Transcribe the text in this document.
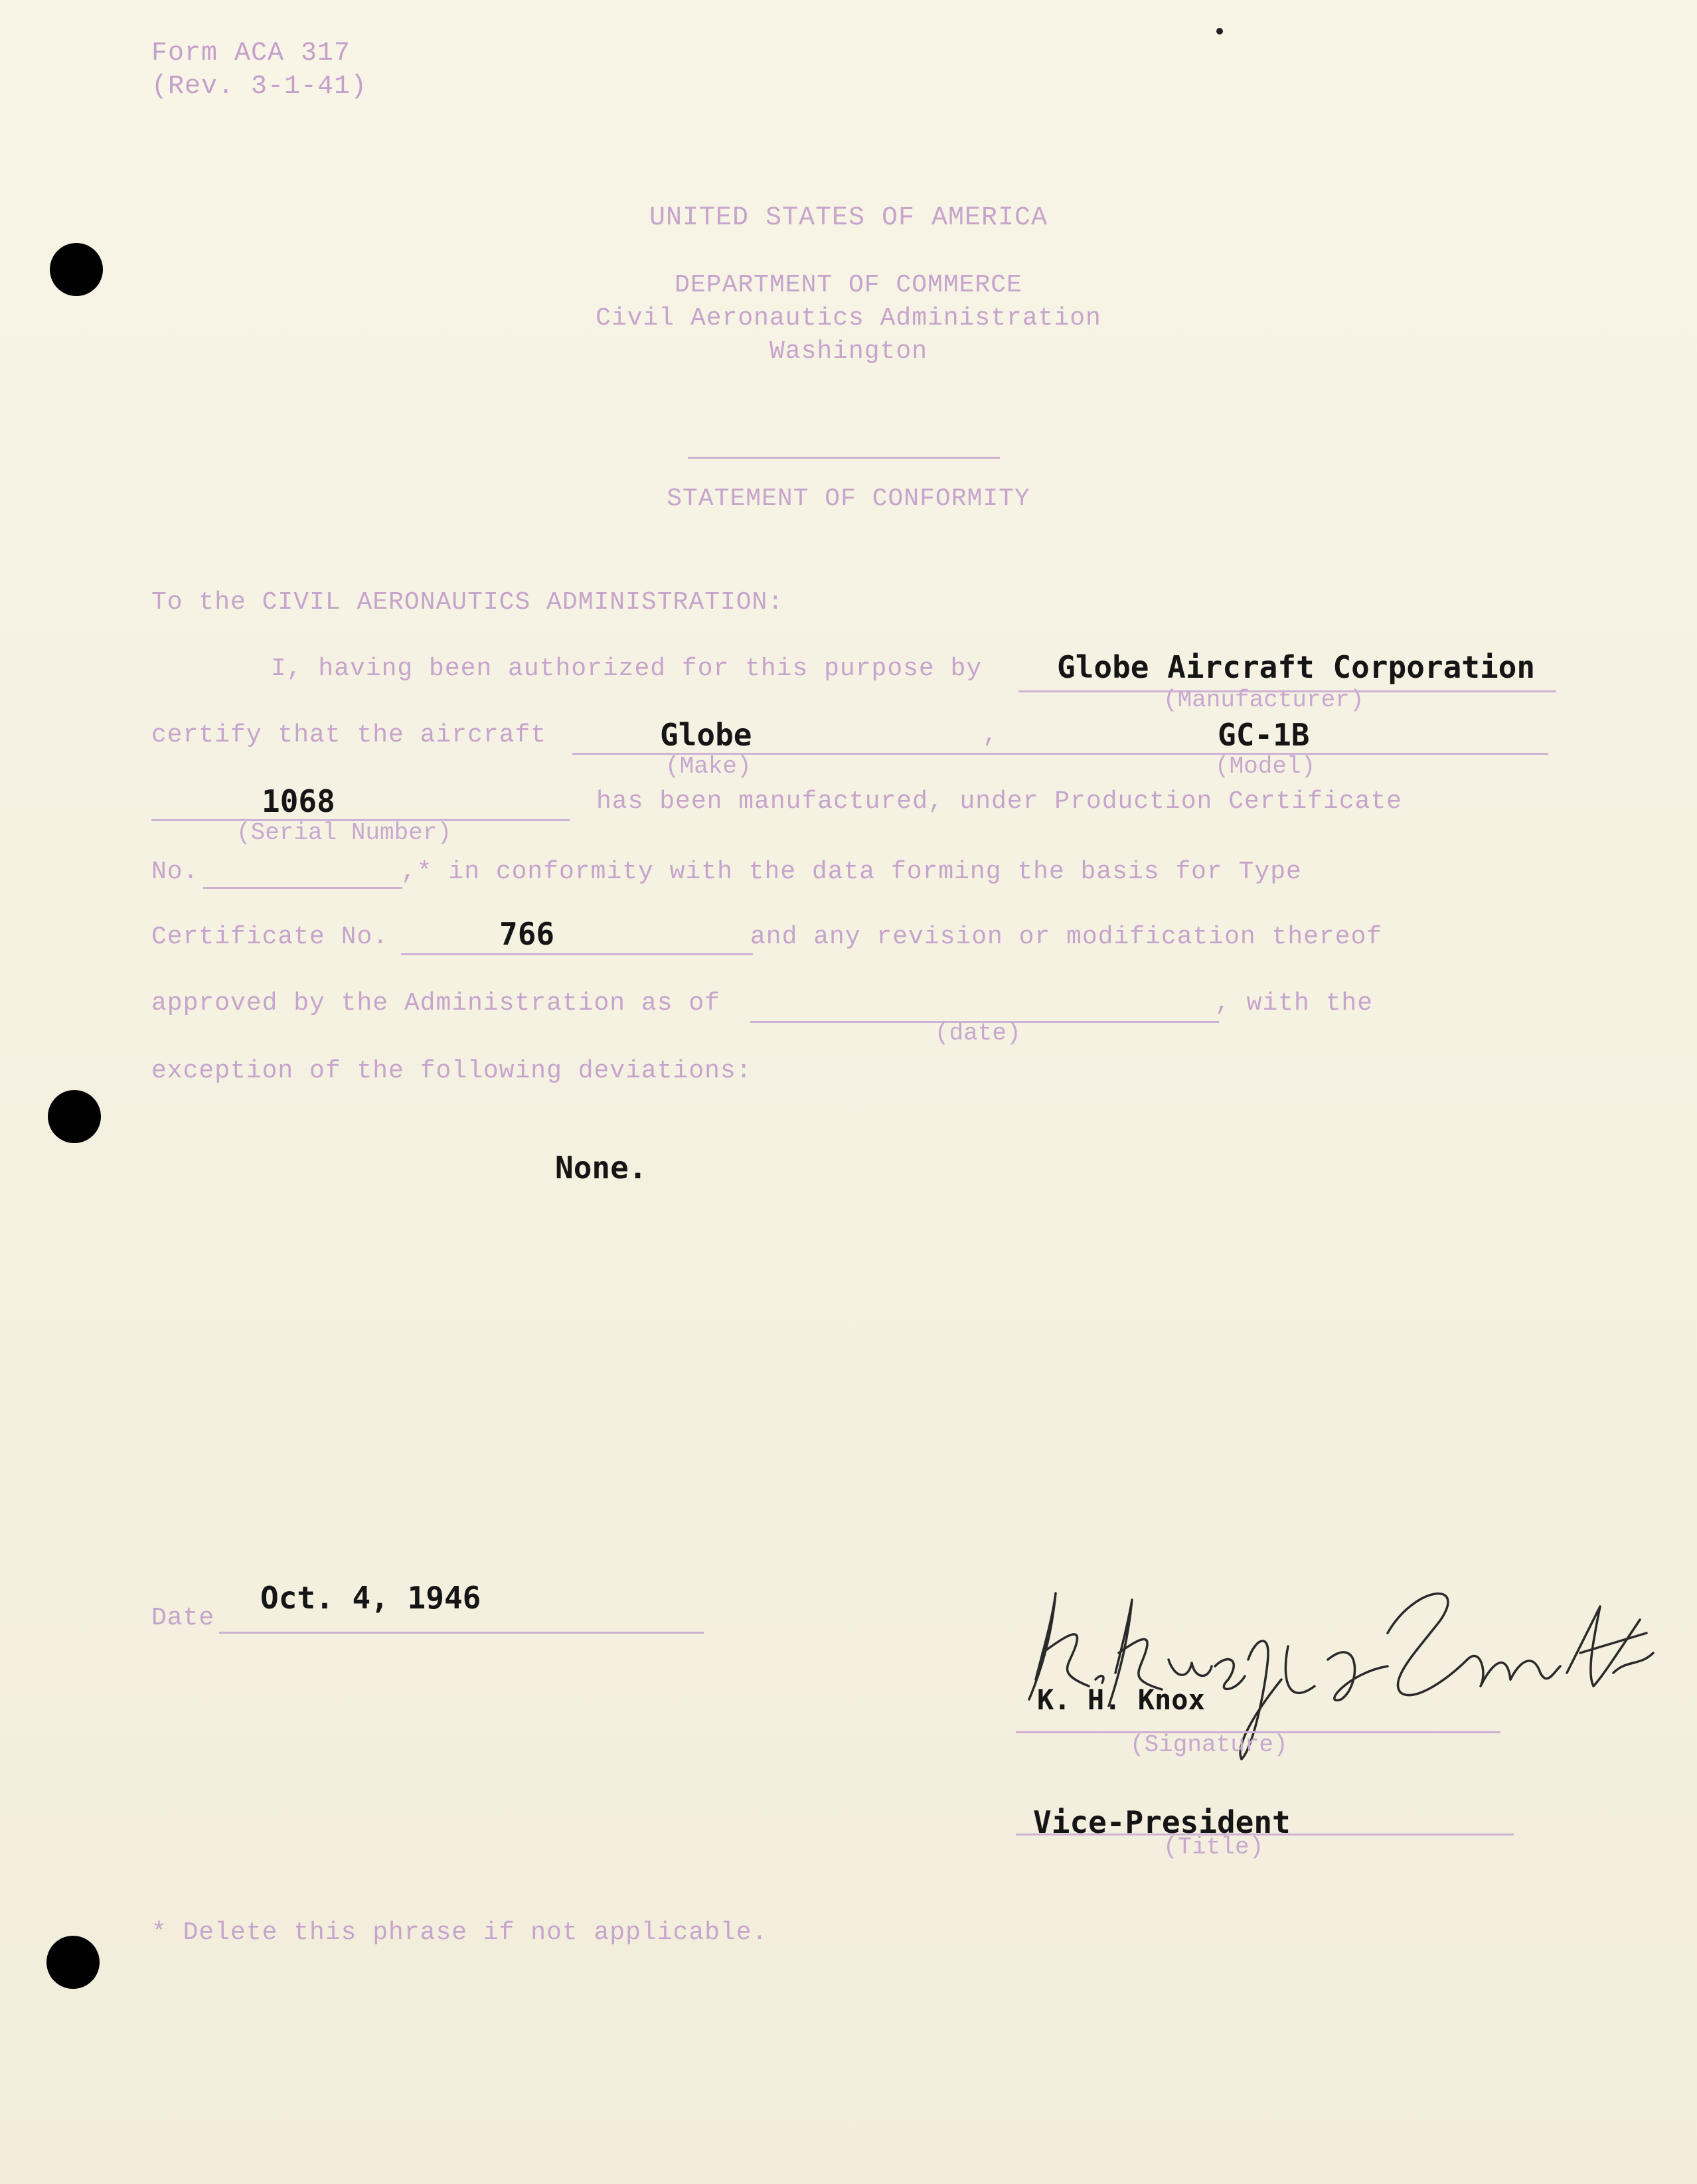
Form ACA 317
(Rev. 3-1-41)
UNITED STATES OF AMERICA
DEPARTMENT OF COMMERCE
Civil Aeronautics Administration
Washington
STATEMENT OF CONFORMITY
To the CIVIL AERONAUTICS ADMINISTRATION:
I, having been authorized for this purpose by Globe Aircraft Corporation
(Manufacturer)
certify that the aircraft	Globe	,	GC-1B
(Make)	(Model)
1068
(Serial Number)
has been manufactured, under Production Certificate
No.	,* in conformity with the data forming the basis for Type
Certificate No.	766	and any revision or modification thereof
approved by the Administration as of	, with the
(date)
exception of the following deviations:
None.
Date
Oct. 4, 1946
K. H. Knox
(Signature)
Vice-President
(Title)
* Delete this phrase if not applicable.
